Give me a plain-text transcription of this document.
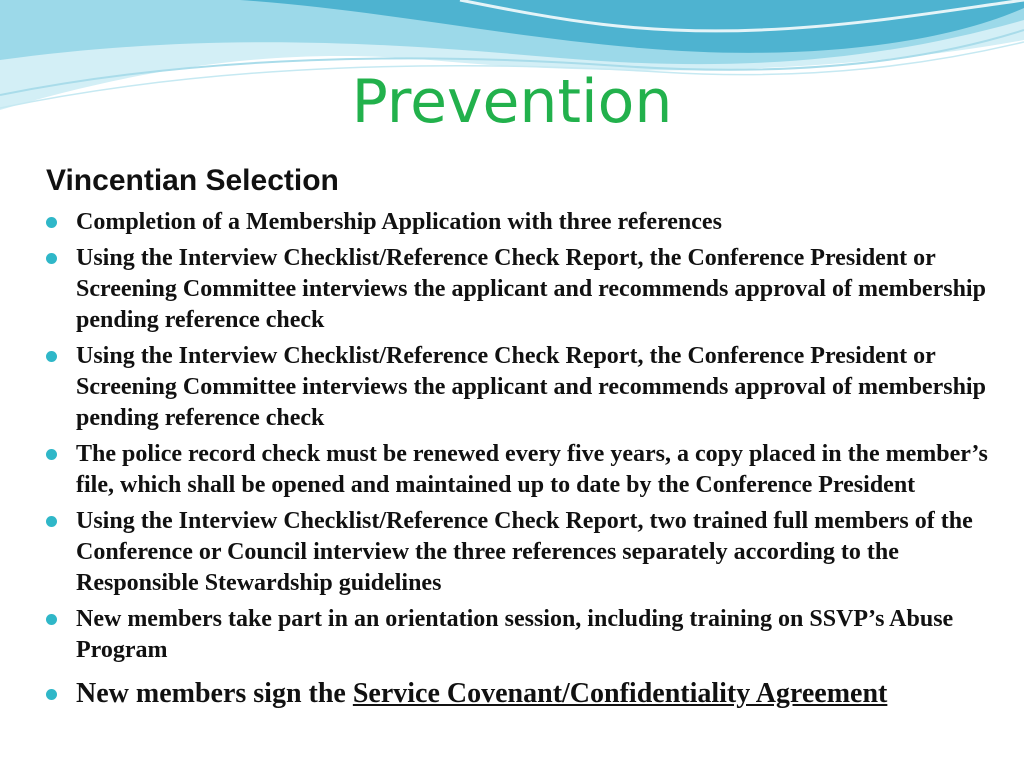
Prevention
Vincentian Selection
Completion of a Membership Application with three references
Using the Interview Checklist/Reference Check Report, the Conference President or Screening Committee interviews the applicant and recommends approval of membership pending reference check
Using the Interview Checklist/Reference Check Report, the Conference President or Screening Committee interviews the applicant and recommends approval of membership pending reference check
The police record check must be renewed every five years, a copy placed in the member’s file, which shall be opened and maintained up to date by the Conference President
Using the Interview Checklist/Reference Check Report, two trained full members of the Conference or Council interview the three references separately according to the Responsible Stewardship guidelines
New members take part in an orientation session, including training on SSVP’s Abuse Program
New members sign the Service Covenant/Confidentiality Agreement
